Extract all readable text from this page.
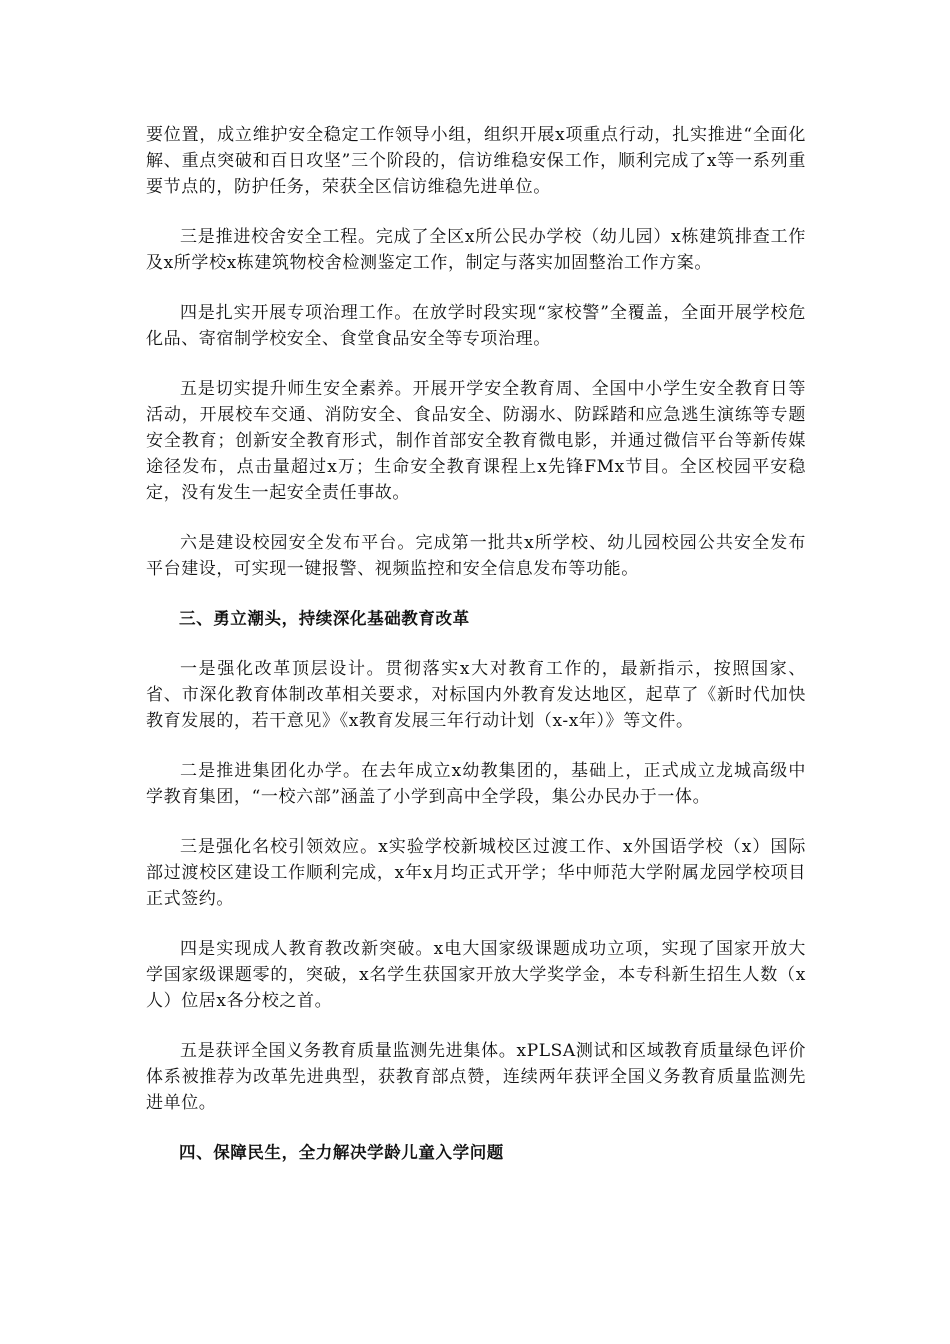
要位置，成立维护安全稳定工作领导小组，组织开展x项重点行动，扎实推进“全面化解、重点突破和百日攻坚”三个阶段的，信访维稳安保工作，顺利完成了x等一系列重要节点的，防护任务，荣获全区信访维稳先进单位。

三是推进校舍安全工程。完成了全区x所公民办学校（幼儿园）x栋建筑排查工作及x所学校x栋建筑物校舍检测鉴定工作，制定与落实加固整治工作方案。

四是扎实开展专项治理工作。在放学时段实现“家校警”全覆盖，全面开展学校危化品、寄宿制学校安全、食堂食品安全等专项治理。

五是切实提升师生安全素养。开展开学安全教育周、全国中小学生安全教育日等活动，开展校车交通、消防安全、食品安全、防溺水、防踩踏和应急逃生演练等专题安全教育；创新安全教育形式，制作首部安全教育微电影，并通过微信平台等新传媒途径发布，点击量超过x万；生命安全教育课程上x先锋FMx节目。全区校园平安稳定，没有发生一起安全责任事故。

六是建设校园安全发布平台。完成第一批共x所学校、幼儿园校园公共安全发布平台建设，可实现一键报警、视频监控和安全信息发布等功能。

三、勇立潮头，持续深化基础教育改革

一是强化改革顶层设计。贯彻落实x大对教育工作的，最新指示，按照国家、省、市深化教育体制改革相关要求，对标国内外教育发达地区，起草了《新时代加快教育发展的，若干意见》《x教育发展三年行动计划（x-x年）》等文件。

二是推进集团化办学。在去年成立x幼教集团的，基础上，正式成立龙城高级中学教育集团，“一校六部”涵盖了小学到高中全学段，集公办民办于一体。

三是强化名校引领效应。x实验学校新城校区过渡工作、x外国语学校（x）国际部过渡校区建设工作顺利完成，x年x月均正式开学；华中师范大学附属龙园学校项目正式签约。

四是实现成人教育教改新突破。x电大国家级课题成功立项，实现了国家开放大学国家级课题零的，突破，x名学生获国家开放大学奖学金，本专科新生招生人数（x人）位居x各分校之首。

五是获评全国义务教育质量监测先进集体。xPLSA测试和区域教育质量绿色评价体系被推荐为改革先进典型，获教育部点赞，连续两年获评全国义务教育质量监测先进单位。

四、保障民生，全力解决学龄儿童入学问题
